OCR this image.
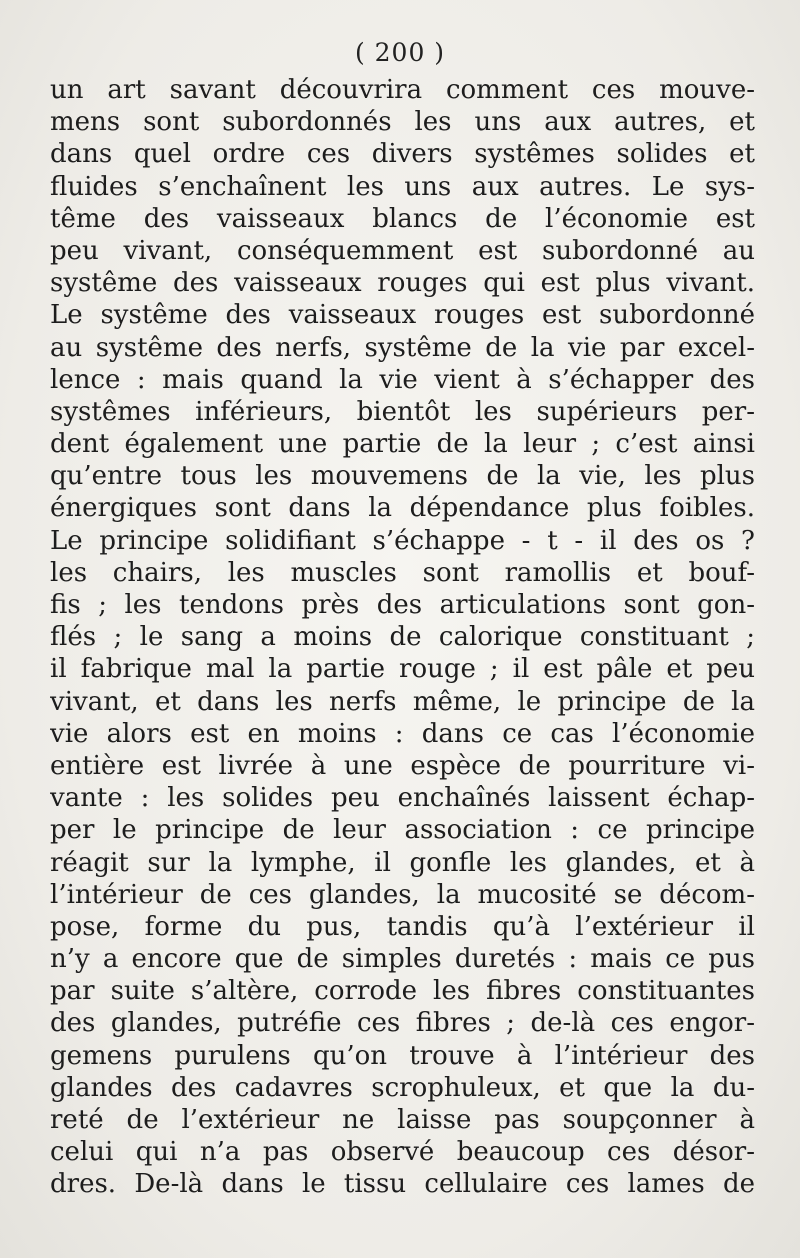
( 200 )
un art savant découvrira comment ces mouve-
mens sont subordonnés les uns aux autres, et
dans quel ordre ces divers systêmes solides et
fluides s’enchaînent les uns aux autres. Le sys-
tême des vaisseaux blancs de l’économie est
peu vivant, conséquemment est subordonné au
systême des vaisseaux rouges qui est plus vivant.
Le systême des vaisseaux rouges est subordonné
au systême des nerfs, systême de la vie par excel-
lence : mais quand la vie vient à s’échapper des
systêmes inférieurs, bientôt les supérieurs per-
dent également une partie de la leur ; c’est ainsi
qu’entre tous les mouvemens de la vie, les plus
énergiques sont dans la dépendance plus foibles.
Le principe solidifiant s’échappe - t - il des os ?
les chairs, les muscles sont ramollis et bouf-
fis ; les tendons près des articulations sont gon-
flés ; le sang a moins de calorique constituant ;
il fabrique mal la partie rouge ; il est pâle et peu
vivant, et dans les nerfs même, le principe de la
vie alors est en moins : dans ce cas l’économie
entière est livrée à une espèce de pourriture vi-
vante : les solides peu enchaînés laissent échap-
per le principe de leur association : ce principe
réagit sur la lymphe, il gonfle les glandes, et à
l’intérieur de ces glandes, la mucosité se décom-
pose, forme du pus, tandis qu’à l’extérieur il
n’y a encore que de simples duretés : mais ce pus
par suite s’altère, corrode les fibres constituantes
des glandes, putréfie ces fibres ; de-là ces engor-
gemens purulens qu’on trouve à l’intérieur des
glandes des cadavres scrophuleux, et que la du-
reté de l’extérieur ne laisse pas soupçonner à
celui qui n’a pas observé beaucoup ces désor-
dres. De-là dans le tissu cellulaire ces lames de
